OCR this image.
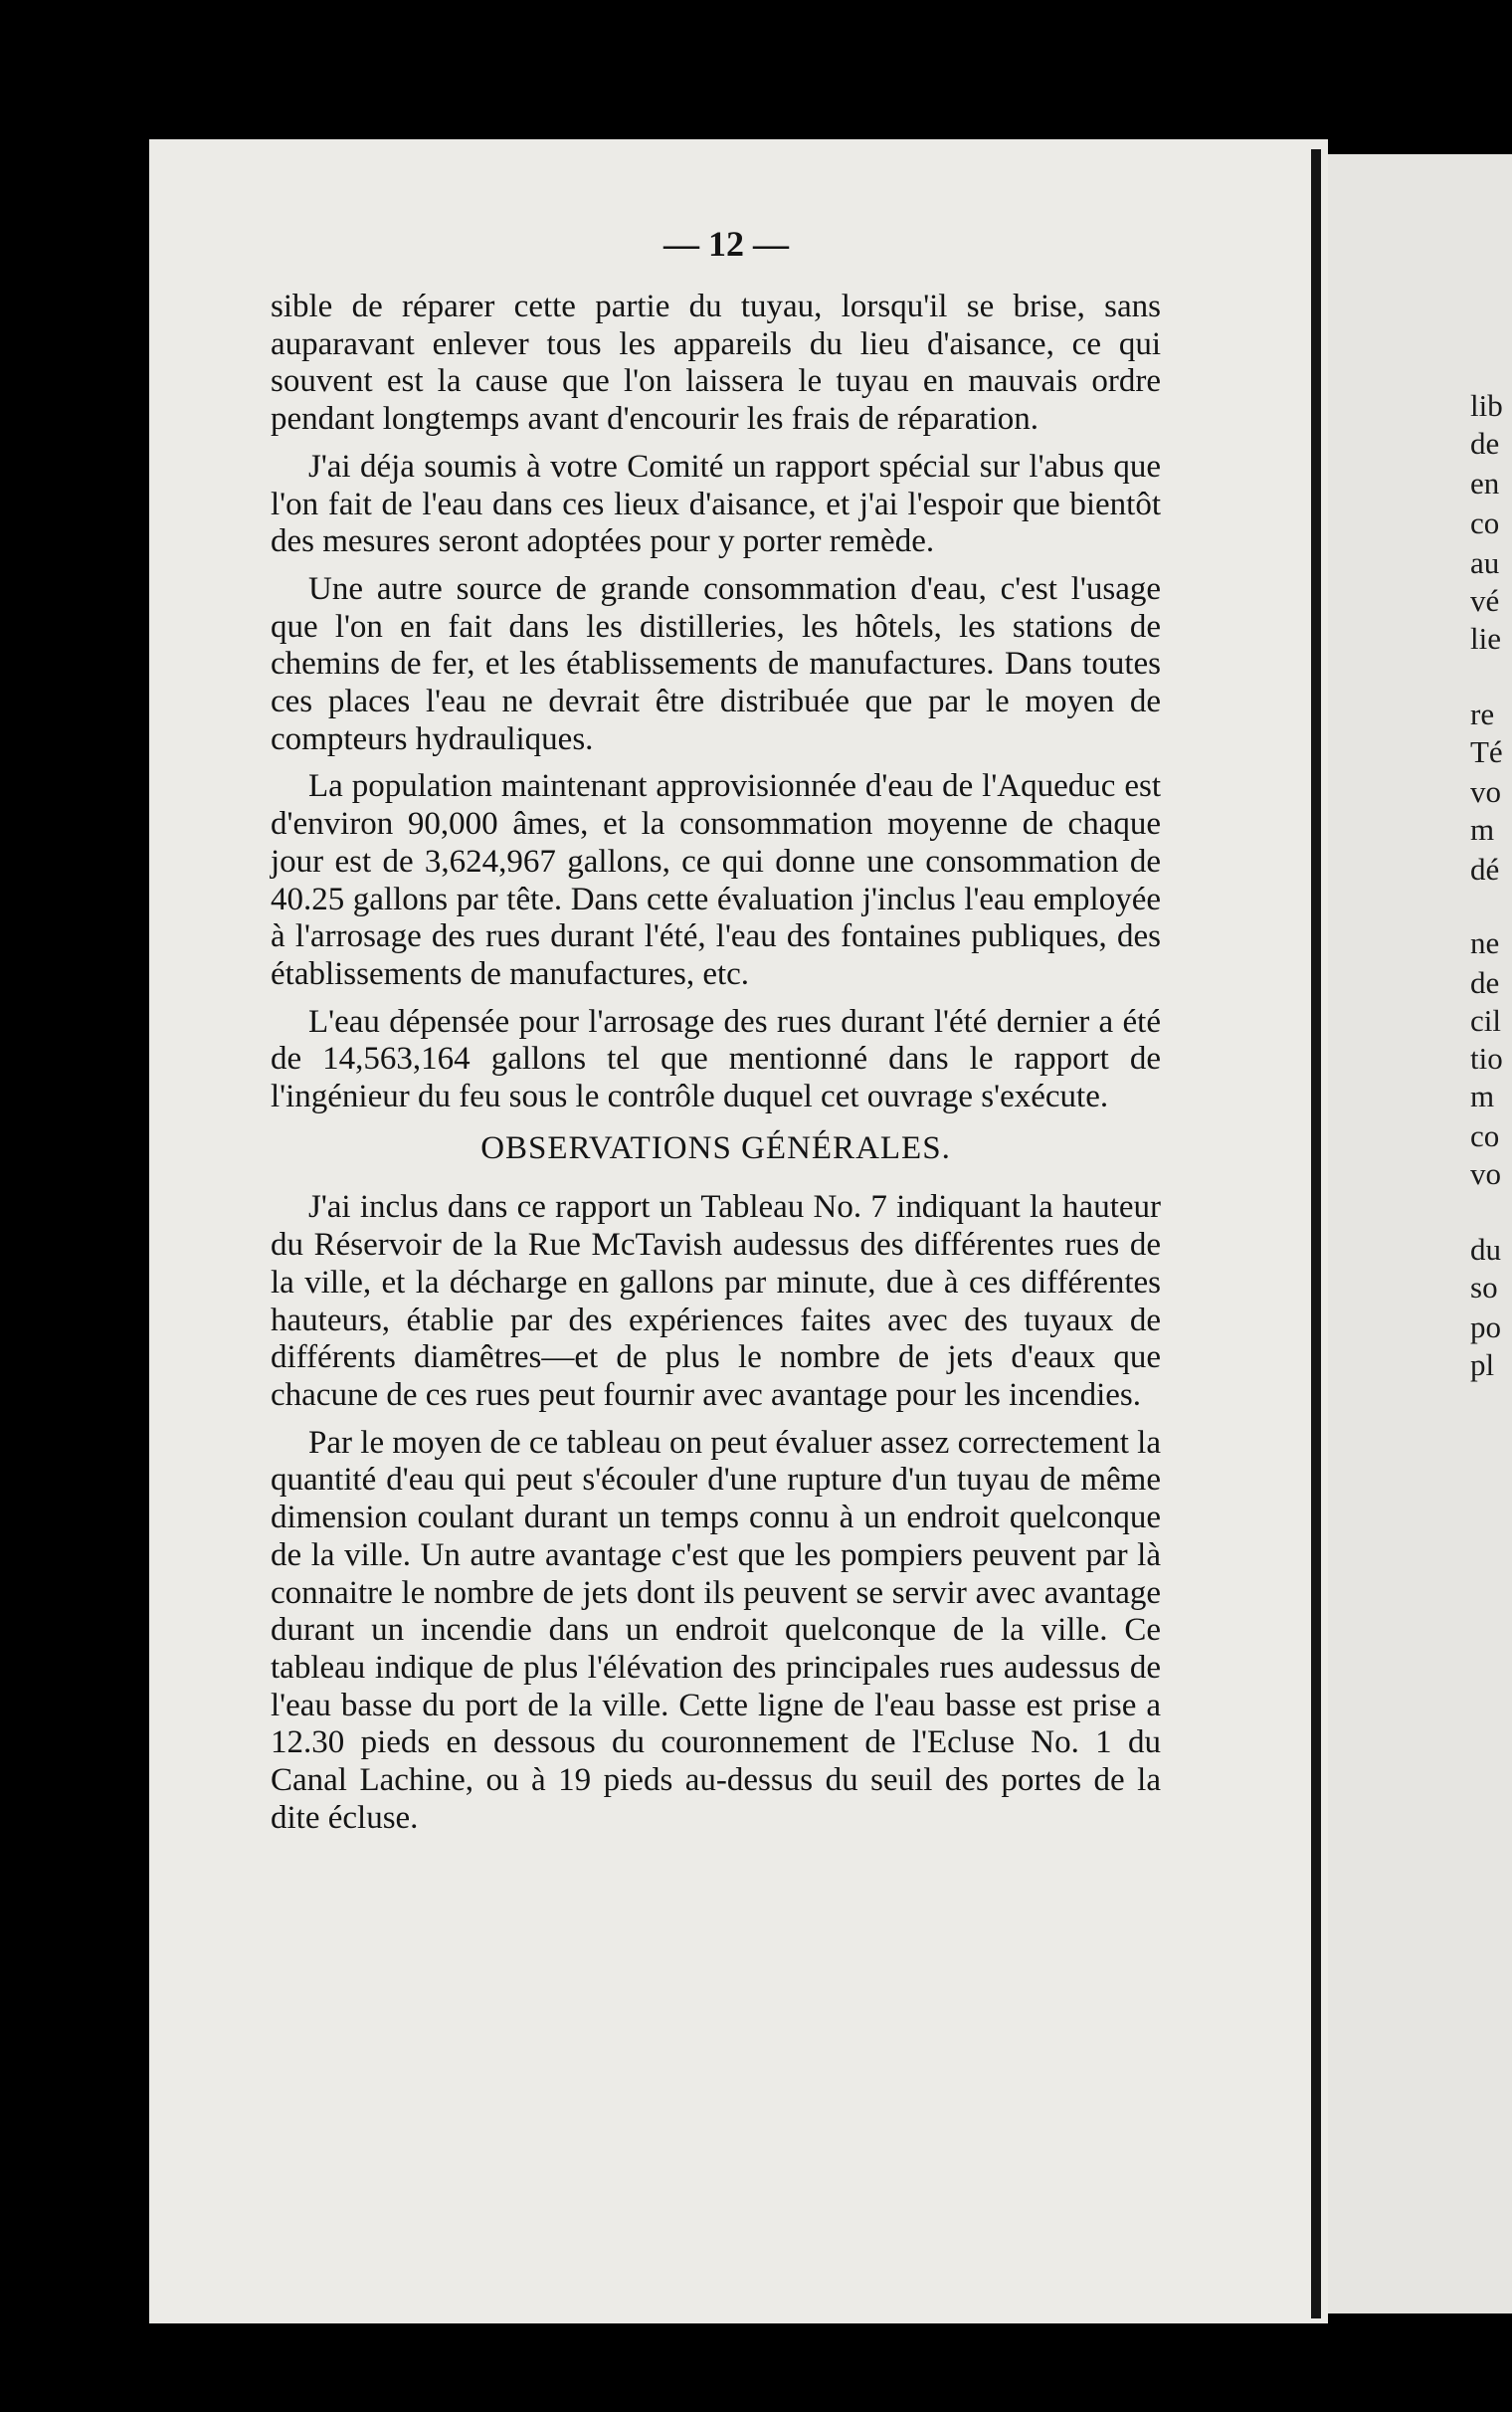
— 12 —

sible de réparer cette partie du tuyau, lorsqu'il se brise, sans auparavant enlever tous les appareils du lieu d'aisance, ce qui souvent est la cause que l'on laissera le tuyau en mauvais ordre pendant longtemps avant d'encourir les frais de réparation.

J'ai déja soumis à votre Comité un rapport spécial sur l'abus que l'on fait de l'eau dans ces lieux d'aisance, et j'ai l'espoir que bientôt des mesures seront adoptées pour y porter remède.

Une autre source de grande consommation d'eau, c'est l'usage que l'on en fait dans les distilleries, les hôtels, les stations de chemins de fer, et les établissements de manufactures. Dans toutes ces places l'eau ne devrait être distribuée que par le moyen de compteurs hydrauliques.

La population maintenant approvisionnée d'eau de l'Aqueduc est d'environ 90,000 âmes, et la consommation moyenne de chaque jour est de 3,624,967 gallons, ce qui donne une consommation de 40.25 gallons par tête. Dans cette évaluation j'inclus l'eau employée à l'arrosage des rues durant l'été, l'eau des fontaines publiques, des établissements de manufactures, etc.

L'eau dépensée pour l'arrosage des rues durant l'été dernier a été de 14,563,164 gallons tel que mentionné dans le rapport de l'ingénieur du feu sous le contrôle duquel cet ouvrage s'exécute.

OBSERVATIONS GÉNÉRALES.

J'ai inclus dans ce rapport un Tableau No. 7 indiquant la hauteur du Réservoir de la Rue McTavish audessus des différentes rues de la ville, et la décharge en gallons par minute, due à ces différentes hauteurs, établie par des expériences faites avec des tuyaux de différents diamêtres—et de plus le nombre de jets d'eaux que chacune de ces rues peut fournir avec avantage pour les incendies.

Par le moyen de ce tableau on peut évaluer assez correctement la quantité d'eau qui peut s'écouler d'une rupture d'un tuyau de même dimension coulant durant un temps connu à un endroit quelconque de la ville. Un autre avantage c'est que les pompiers peuvent par là connaitre le nombre de jets dont ils peuvent se servir avec avantage durant un incendie dans un endroit quelconque de la ville. Ce tableau indique de plus l'élévation des principales rues audessus de l'eau basse du port de la ville. Cette ligne de l'eau basse est prise a 12.30 pieds en dessous du couronnement de l'Ecluse No. 1 du Canal Lachine, ou à 19 pieds au-dessus du seuil des portes de la dite écluse.

lib
de
en
co
au
vé
lie
re
Té
vo
m
dé
ne
de
cil
tio
m
co
vo
du
so
po
pl
